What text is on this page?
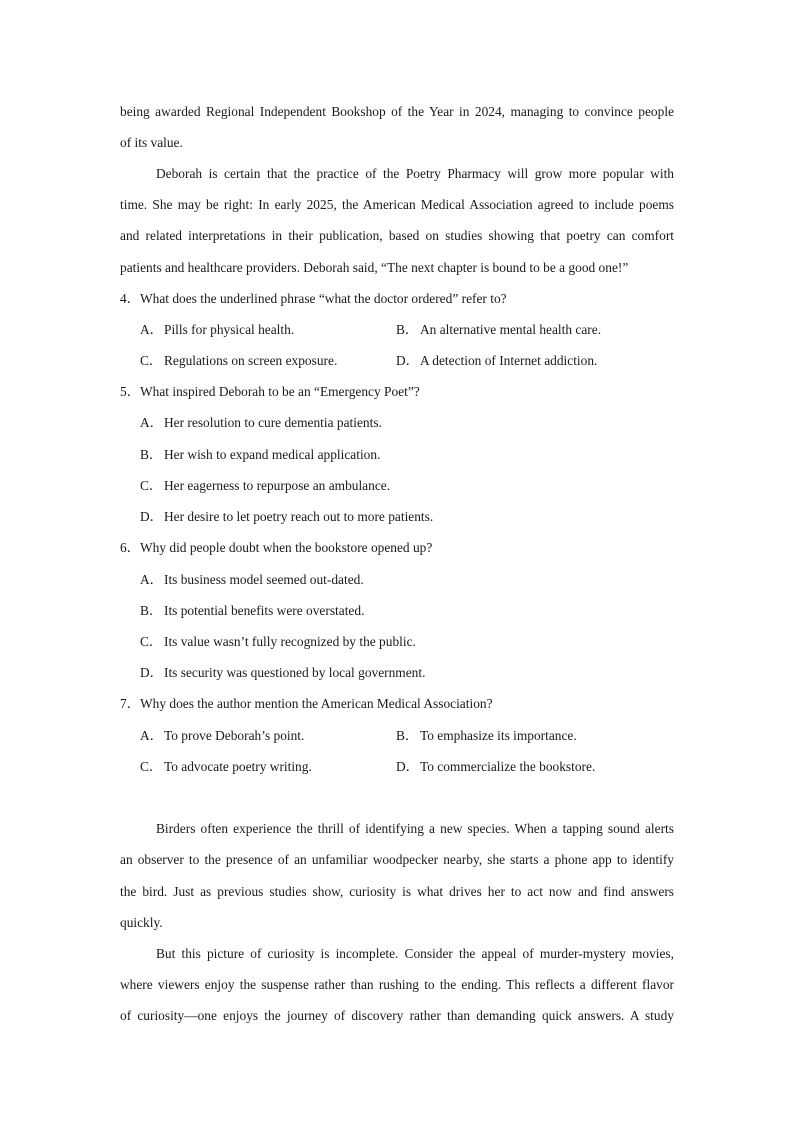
being awarded Regional Independent Bookshop of the Year in 2024, managing to convince people
of its value.
Deborah is certain that the practice of the Poetry Pharmacy will grow more popular with
time. She may be right: In early 2025, the American Medical Association agreed to include poems
and related interpretations in their publication, based on studies showing that poetry can comfort
patients and healthcare providers. Deborah said, “The next chapter is bound to be a good one!”
4．What does the underlined phrase “what the doctor ordered” refer to?
A．Pills for physical health.	B． An alternative mental health care.
C． Regulations on screen exposure.	D．A detection of Internet addiction.
5．What inspired Deborah to be an “Emergency Poet”?
A．Her resolution to cure dementia patients.
B． Her wish to expand medical application.
C． Her eagerness to repurpose an ambulance.
D．Her desire to let poetry reach out to more patients.
6．Why did people doubt when the bookstore opened up?
A．Its business model seemed out-dated.
B． Its potential benefits were overstated.
C． Its value wasn’t fully recognized by the public.
D．Its security was questioned by local government.
7．Why does the author mention the American Medical Association?
A．To prove Deborah’s point.	B． To emphasize its importance.
C． To advocate poetry writing.	D．To commercialize the bookstore.
Birders often experience the thrill of identifying a new species. When a tapping sound alerts
an observer to the presence of an unfamiliar woodpecker nearby, she starts a phone app to identify
the bird. Just as previous studies show, curiosity is what drives her to act now and find answers
quickly.
But this picture of curiosity is incomplete. Consider the appeal of murder-mystery movies,
where viewers enjoy the suspense rather than rushing to the ending. This reflects a different flavor
of curiosity—one enjoys the journey of discovery rather than demanding quick answers. A study
